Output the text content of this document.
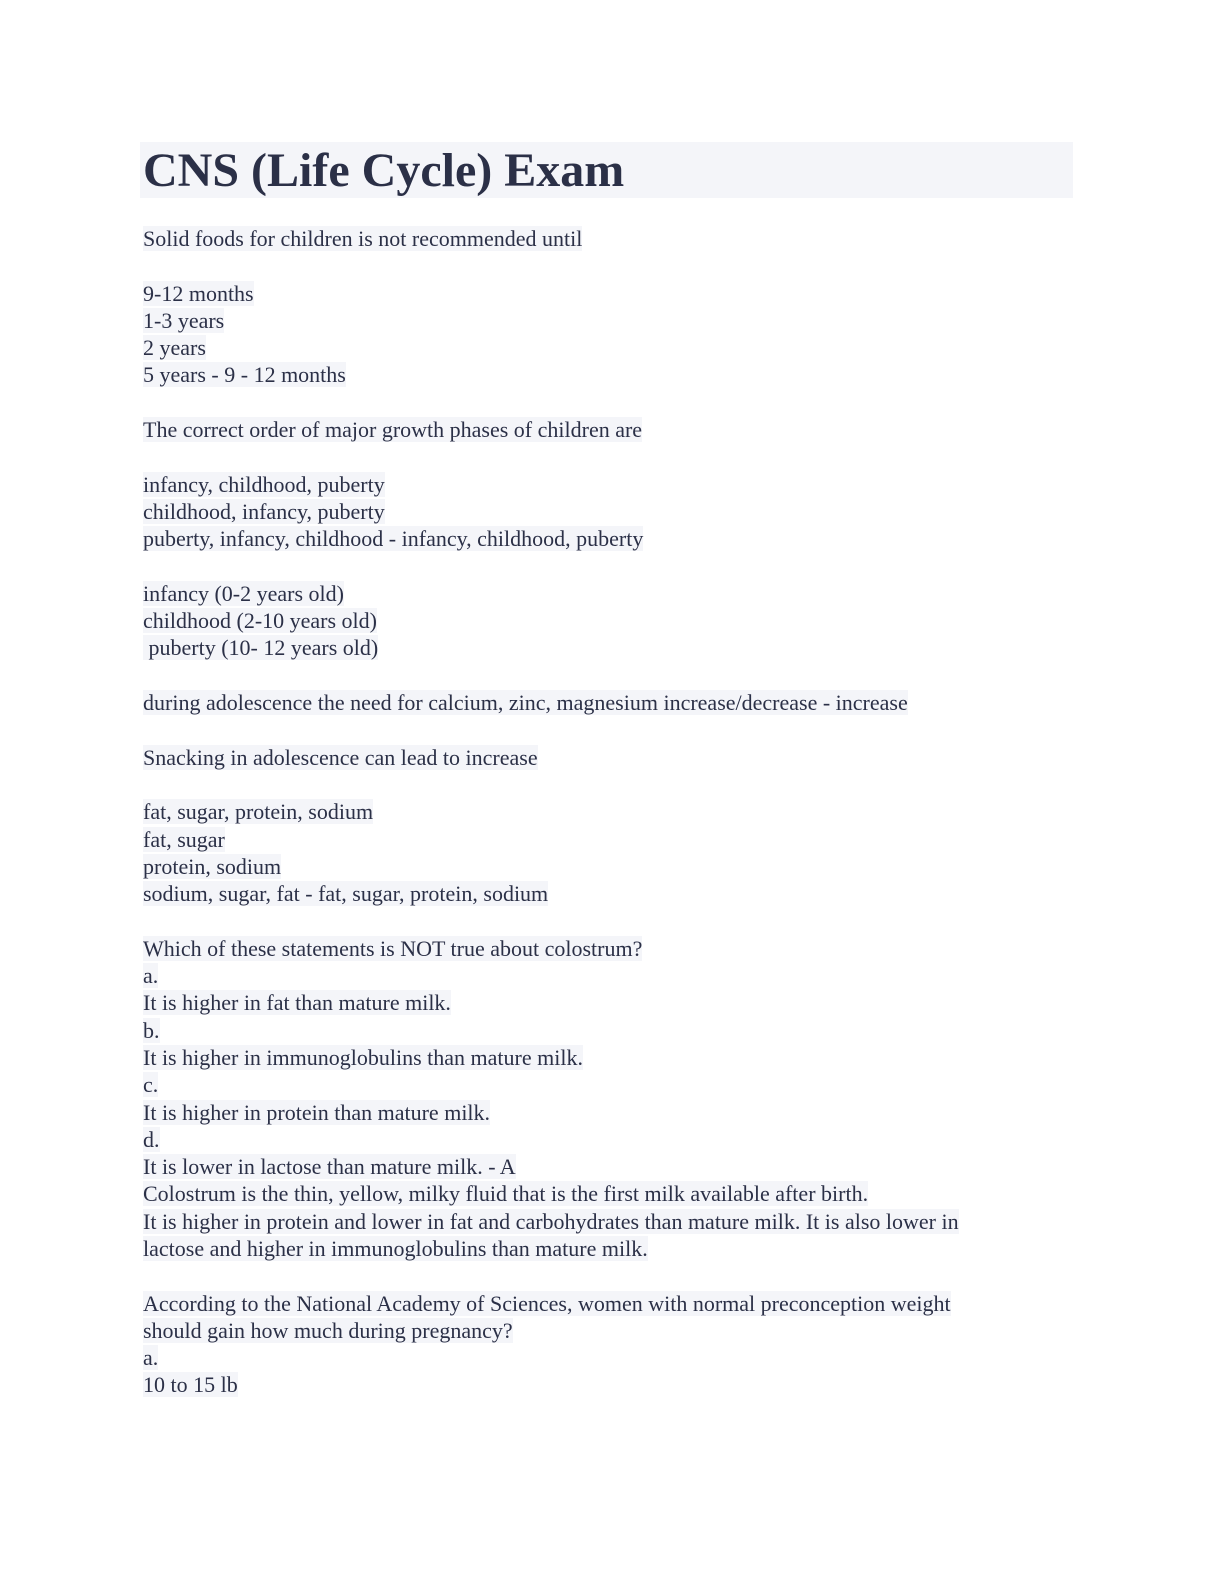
CNS (Life Cycle) Exam
Solid foods for children is not recommended until
9-12 months
1-3 years
2 years
5 years - 9 - 12 months
The correct order of major growth phases of children are
infancy, childhood, puberty
childhood, infancy, puberty
puberty, infancy, childhood - infancy, childhood, puberty
infancy (0-2 years old)
childhood (2-10 years old)
puberty (10- 12 years old)
during adolescence the need for calcium, zinc, magnesium increase/decrease - increase
Snacking in adolescence can lead to increase
fat, sugar, protein, sodium
fat, sugar
protein, sodium
sodium, sugar, fat - fat, sugar, protein, sodium
Which of these statements is NOT true about colostrum?
a.
It is higher in fat than mature milk.
b.
It is higher in immunoglobulins than mature milk.
c.
It is higher in protein than mature milk.
d.
It is lower in lactose than mature milk. - A
Colostrum is the thin, yellow, milky fluid that is the first milk available after birth.
It is higher in protein and lower in fat and carbohydrates than mature milk. It is also lower in
lactose and higher in immunoglobulins than mature milk.
According to the National Academy of Sciences, women with normal preconception weight
should gain how much during pregnancy?
a.
10 to 15 lb
